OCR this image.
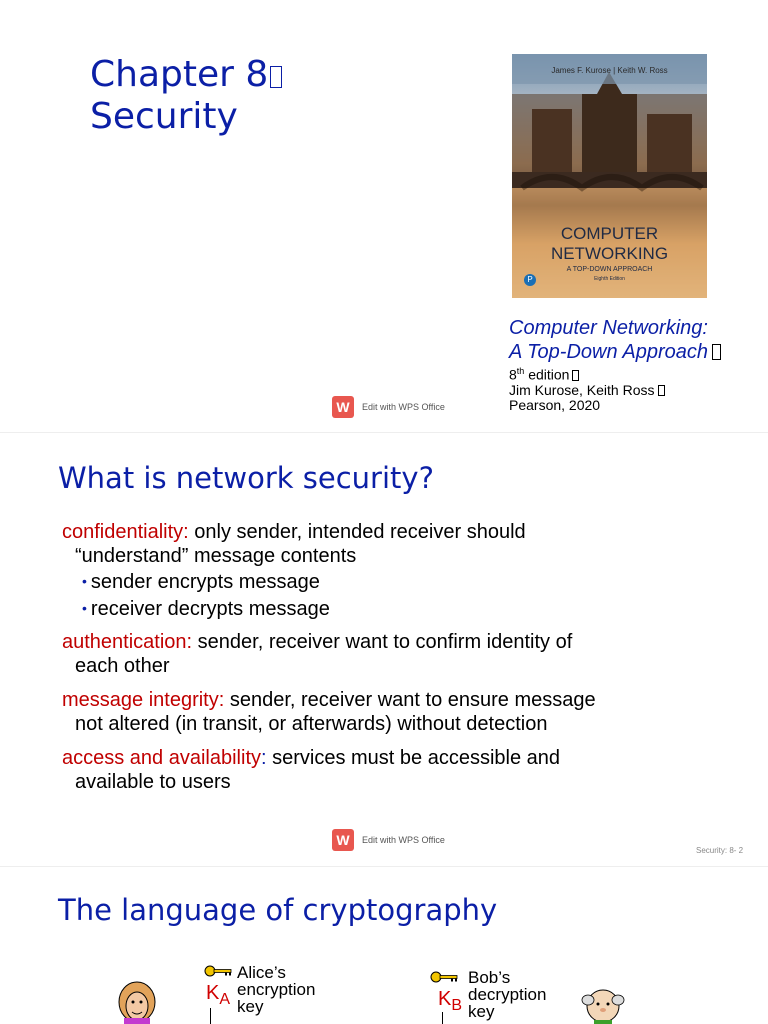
Chapter 8
Security
James F. Kurose | Keith W. Ross
COMPUTER
NETWORKING
A TOP-DOWN APPROACH
Eighth Edition
P
Computer Networking:
A Top-Down Approach
8th edition
Jim Kurose, Keith Ross
Pearson, 2020
W	Edit with WPS Office
What is network security?
confidentiality: only sender, intended receiver should
“understand” message contents
• sender encrypts message
• receiver decrypts message
authentication: sender, receiver want to confirm identity of
each other
message integrity: sender, receiver want to ensure message
not altered (in transit, or afterwards) without detection
access and availability: services must be accessible and
available to users
W	Edit with WPS Office
Security: 8- 2
The language of cryptography
Alice’s
encryption
key
$K_A$
Bob’s
decryption
key
$K_B$
